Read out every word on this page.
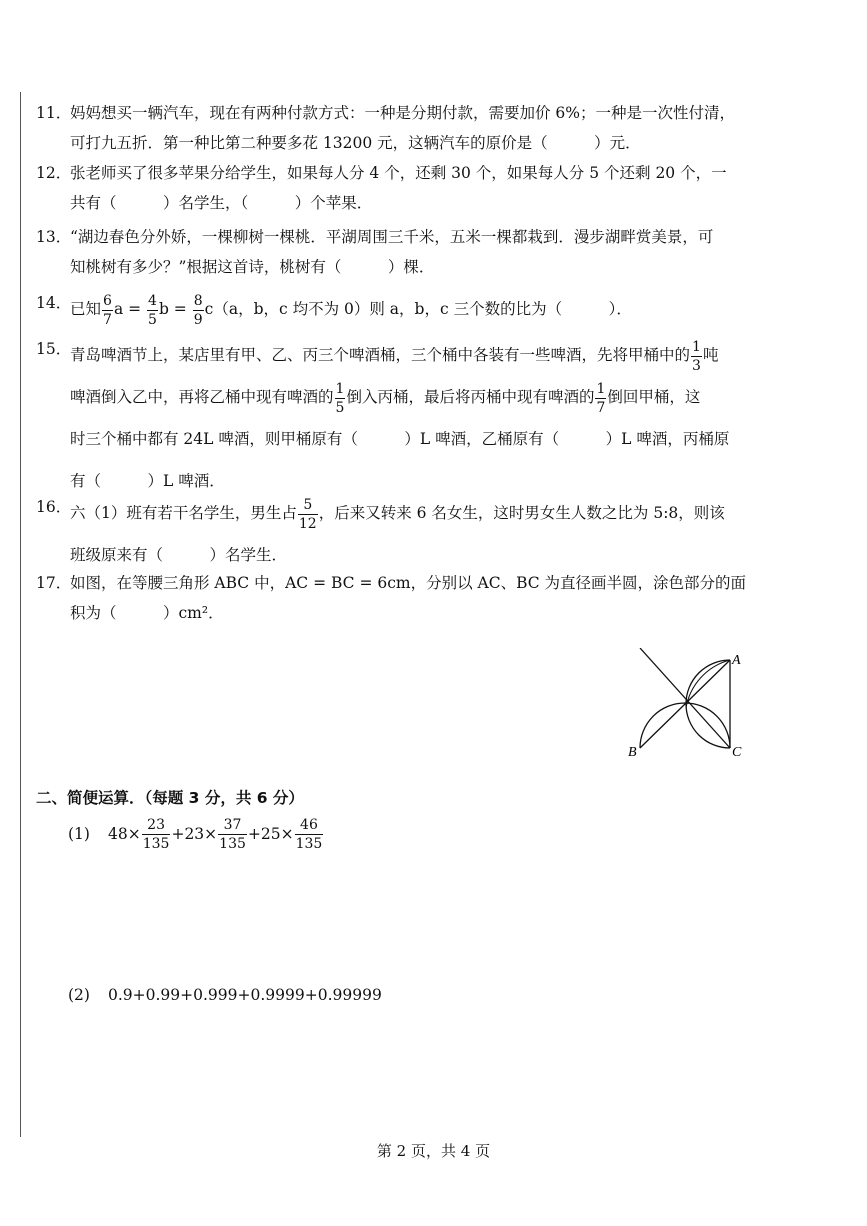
11．
妈妈想买一辆汽车，现在有两种付款方式：一种是分期付款，需要加价 6%；一种是一次性付清，
可打九五折．第一种比第二种要多花 13200 元，这辆汽车的原价是（　　　）元．
12．
张老师买了很多苹果分给学生，如果每人分 4 个，还剩 30 个，如果每人分 5 个还剩 20 个，一
共有（　　　）名学生，（　　　）个苹果．
13．
“湖边春色分外娇，一棵柳树一棵桃．平湖周围三千米，五米一棵都栽到．漫步湖畔赏美景，可
知桃树有多少？”根据这首诗，桃树有（　　　）棵．
14．
已知 $\frac{6}{7}$ $a = \frac{4}{5}$ $b = \frac{8}{9} c(a$，b，c 均不为 0）则 a，b，c 三个数的比为（　　　）．
15．
青岛啤酒节上，某店里有甲、乙、丙三个啤酒桶，三个桶中各装有一些啤酒，先将甲桶中的 $\frac{1}{3}$ 吨
啤酒倒入乙中，再将乙桶中现有啤酒的 $\frac{1}{5}$ 倒入丙桶，最后将丙桶中现有啤酒的 $\frac{1}{7}$ 倒回甲桶，这
时三个桶中都有 24L 啤酒，则甲桶原有（　　　）L 啤酒，乙桶原有（　　　）L 啤酒，丙桶原
有（　　　）L 啤酒．
16．
六（1）班有若干名学生，男生占 $\frac{5}{12}$ ，后来又转来 6 名女生，这时男女生人数之比为 5:8，则该
班级原来有（　　　）名学生．
17．
如图，在等腰三角形 ABC 中，AC = BC = 6cm，分别以 AC、BC 为直径画半圆，涂色部分的面
积为（　　　）cm²．
A
B	C
二、简便运算．（每题 3 分，共 6 分）
(1) $48\times \frac{23}{135} +23\times \frac{37}{135} +25\times \frac{46}{135}$
(2) 0.9+0.99+0.999+0.9999+0.99999
第 2 页，共 4 页
